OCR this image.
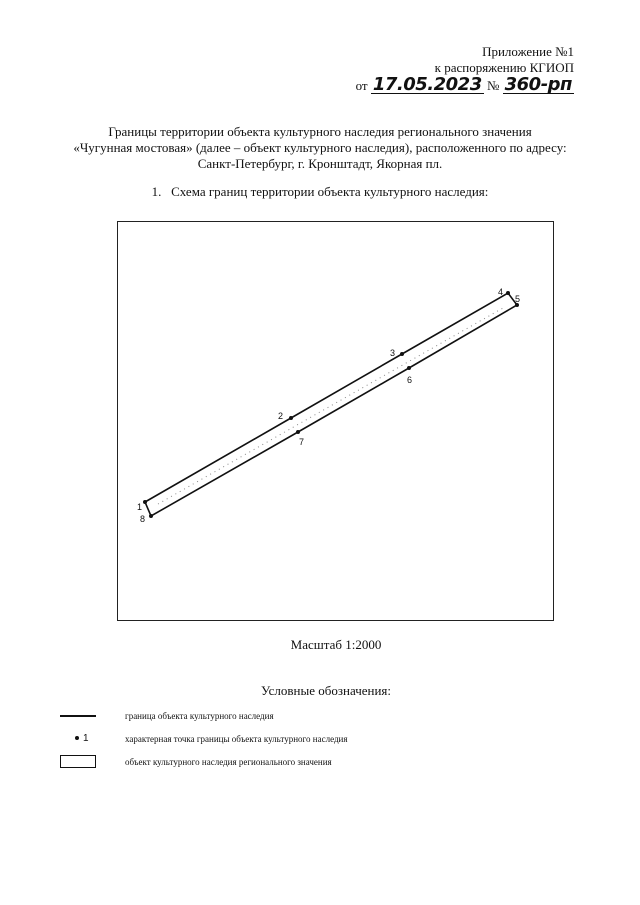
Приложение №1
к распоряжению КГИОП
от 17.05.2023 № 360-рп
Границы территории объекта культурного наследия регионального значения
«Чугунная мостовая» (далее – объект культурного наследия), расположенного по адресу:
Санкт-Петербург, г. Кронштадт, Якорная пл.
1. Схема границ территории объекта культурного наследия:
1
2
3
4
5
6
7
8
Масштаб 1:2000
Условные обозначения:
граница объекта культурного наследия
1	характерная точка границы объекта культурного наследия
объект культурного наследия регионального значения
